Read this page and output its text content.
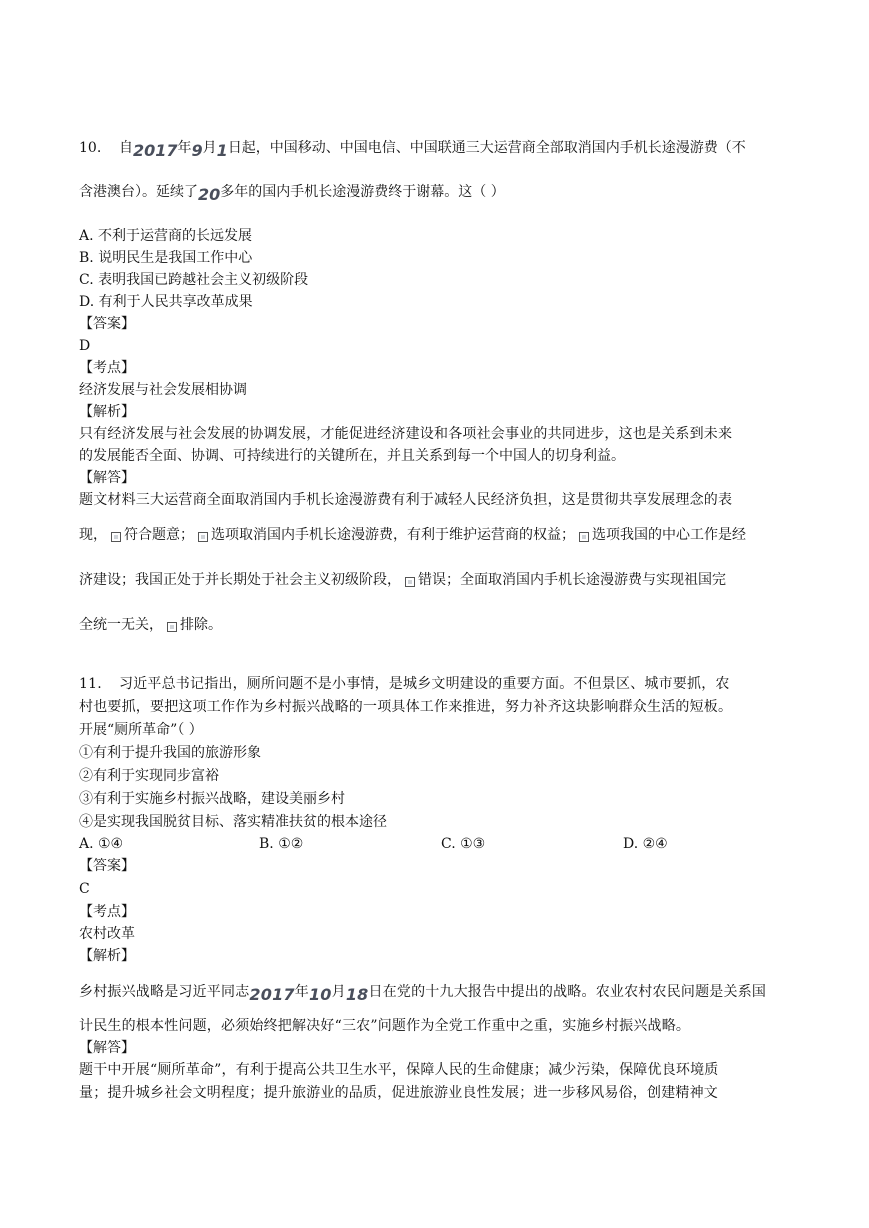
10. 自2017年9月1日起，中国移动、中国电信、中国联通三大运营商全部取消国内手机长途漫游费（不
含港澳台）。延续了20多年的国内手机长途漫游费终于谢幕。这（ ）
A. 不利于运营商的长远发展
B. 说明民生是我国工作中心
C. 表明我国已跨越社会主义初级阶段
D. 有利于人民共享改革成果
【答案】
D
【考点】
经济发展与社会发展相协调
【解析】
只有经济发展与社会发展的协调发展，才能促进经济建设和各项社会事业的共同进步，这也是关系到未来
的发展能否全面、协调、可持续进行的关键所在，并且关系到每一个中国人的切身利益。
【解答】
题文材料三大运营商全面取消国内手机长途漫游费有利于减轻人民经济负担，这是贯彻共享发展理念的表
现， 符合题意； 选项取消国内手机长途漫游费，有利于维护运营商的权益； 选项我国的中心工作是经
济建设；我国正处于并长期处于社会主义初级阶段， 错误；全面取消国内手机长途漫游费与实现祖国完
全统一无关， 排除。
11. 习近平总书记指出，厕所问题不是小事情，是城乡文明建设的重要方面。不但景区、城市要抓，农
村也要抓，要把这项工作作为乡村振兴战略的一项具体工作来推进，努力补齐这块影响群众生活的短板。
开展“厕所革命”（ ）
①有利于提升我国的旅游形象
②有利于实现同步富裕
③有利于实施乡村振兴战略，建设美丽乡村
④是实现我国脱贫目标、落实精准扶贫的根本途径
A. ①④	B. ①②	C. ①③	D. ②④
【答案】
C
【考点】
农村改革
【解析】
乡村振兴战略是习近平同志2017年10月18日在党的十九大报告中提出的战略。农业农村农民问题是关系国
计民生的根本性问题，必须始终把解决好“三农”问题作为全党工作重中之重，实施乡村振兴战略。
【解答】
题干中开展“厕所革命”，有利于提高公共卫生水平，保障人民的生命健康；减少污染，保障优良环境质
量；提升城乡社会文明程度；提升旅游业的品质，促进旅游业良性发展；进一步移风易俗，创建精神文
